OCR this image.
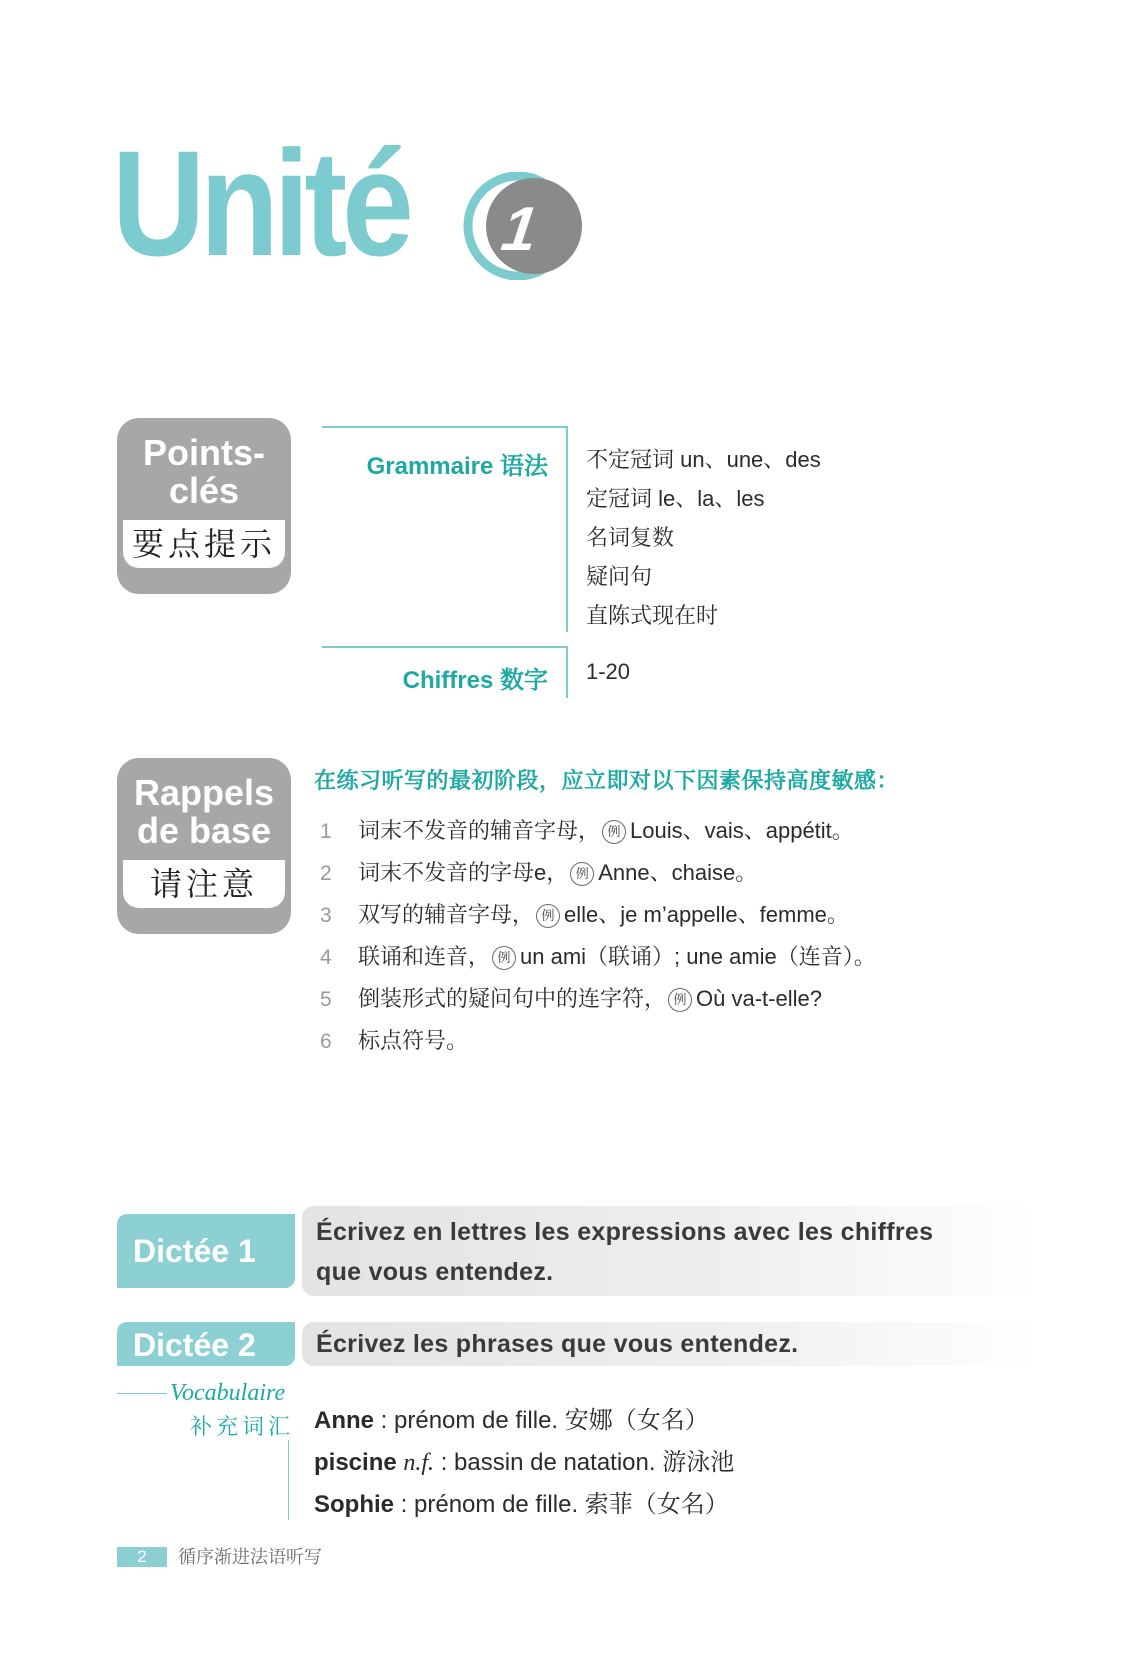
Unité 1
Points-
clés
要点提示
Grammaire 语法 不定冠词 un、une、des
定冠词 le、la、les
名词复数
疑问句
直陈式现在时
Chiffres 数字 1-20
Rappels
de base
请注意
在练习听写的最初阶段，应立即对以下因素保持高度敏感：
1 词末不发音的辅音字母， 例 Louis、vais、appétit。
2 词末不发音的字母e， 例 Anne、chaise。
3 双写的辅音字母， 例 elle、je m’appelle、femme。
4 联诵和连音， 例 un ami（联诵）; une amie（连音）。
5 倒装形式的疑问句中的连字符， 例 Où va-t-elle?
6 标点符号。
Dictée 1
Écrivez en lettres les expressions avec les chiffres
que vous entendez.
Dictée 2	Écrivez les phrases que vous entendez.
Vocabulaire
补充词汇 Anne : prénom de fille. 安娜（女名）
piscine n.f. : bassin de natation. 游泳池
Sophie : prénom de fille. 索菲（女名）
2	循序渐进法语听写
